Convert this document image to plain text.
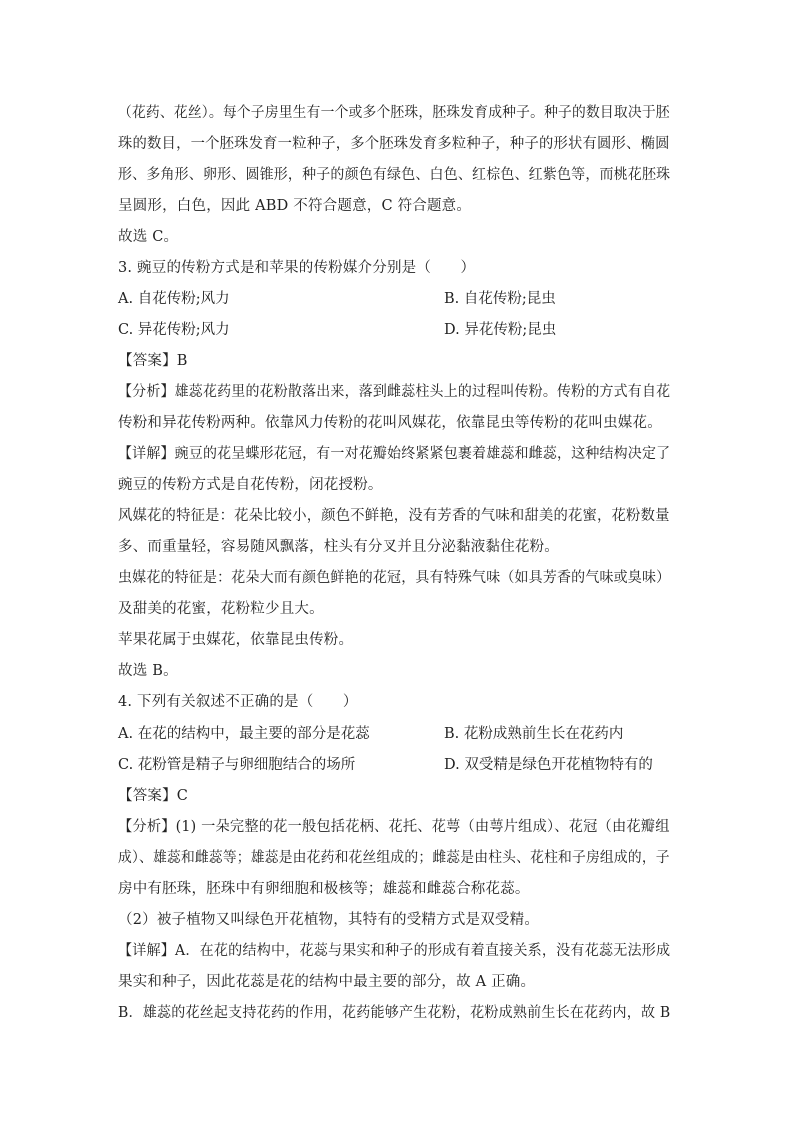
（花药、花丝）。每个子房里生有一个或多个胚珠，胚珠发育成种子。种子的数目取决于胚
珠的数目，一个胚珠发育一粒种子，多个胚珠发育多粒种子，种子的形状有圆形、椭圆
形、多角形、卵形、圆锥形，种子的颜色有绿色、白色、红棕色、红紫色等，而桃花胚珠
呈圆形，白色，因此 ABD 不符合题意，C 符合题意。
故选 C。
3. 豌豆的传粉方式是和苹果的传粉媒介分别是（　　）
A. 自花传粉;风力	B. 自花传粉;昆虫
C. 异花传粉;风力	D. 异花传粉;昆虫
【答案】B
【分析】雄蕊花药里的花粉散落出来，落到雌蕊柱头上的过程叫传粉。传粉的方式有自花
传粉和异花传粉两种。依靠风力传粉的花叫风媒花，依靠昆虫等传粉的花叫虫媒花。
【详解】豌豆的花呈蝶形花冠，有一对花瓣始终紧紧包裹着雄蕊和雌蕊，这种结构决定了
豌豆的传粉方式是自花传粉，闭花授粉。
风媒花的特征是：花朵比较小，颜色不鲜艳，没有芳香的气味和甜美的花蜜，花粉数量
多、而重量轻，容易随风飘落，柱头有分叉并且分泌黏液黏住花粉。
虫媒花的特征是：花朵大而有颜色鲜艳的花冠，具有特殊气味（如具芳香的气味或臭味）
及甜美的花蜜，花粉粒少且大。
苹果花属于虫媒花，依靠昆虫传粉。
故选 B。
4. 下列有关叙述不正确的是（　　）
A. 在花的结构中，最主要的部分是花蕊	B. 花粉成熟前生长在花药内
C. 花粉管是精子与卵细胞结合的场所	D. 双受精是绿色开花植物特有的
【答案】C
【分析】(1) 一朵完整的花一般包括花柄、花托、花萼（由萼片组成）、花冠（由花瓣组
成）、雄蕊和雌蕊等；雄蕊是由花药和花丝组成的；雌蕊是由柱头、花柱和子房组成的，子
房中有胚珠，胚珠中有卵细胞和极核等；雄蕊和雌蕊合称花蕊。
（2）被子植物又叫绿色开花植物，其特有的受精方式是双受精。
【详解】A．在花的结构中，花蕊与果实和种子的形成有着直接关系，没有花蕊无法形成
果实和种子，因此花蕊是花的结构中最主要的部分，故 A 正确。
B．雄蕊的花丝起支持花药的作用，花药能够产生花粉，花粉成熟前生长在花药内，故 B
